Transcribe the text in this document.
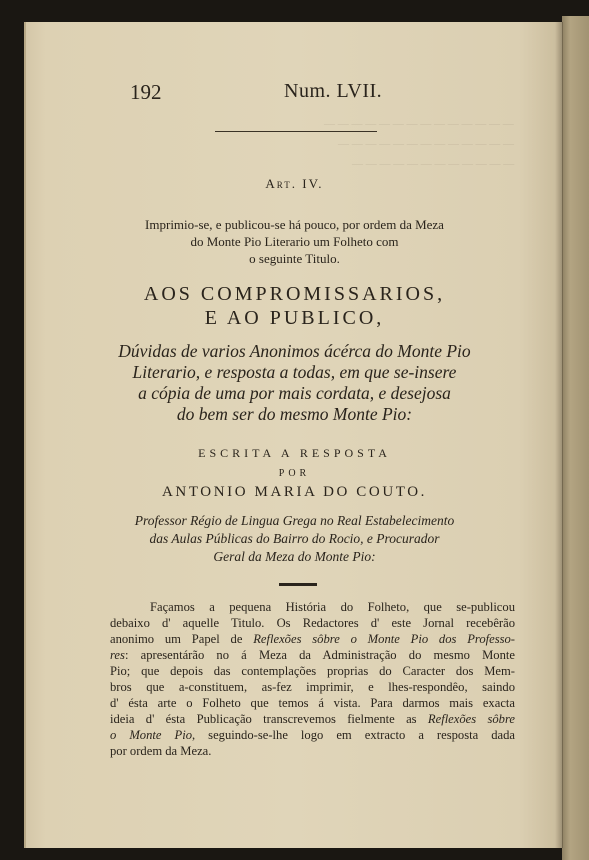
— — — — — — — — — — — — — —
— — — — — — — — — — — — —
— — — — — — — — — — — —
192	Num. LVII.
Art. IV.
Imprimio-se, e publicou-se há pouco, por ordem da Meza
do Monte Pio Literario um Folheto com
o seguinte Titulo.
AOS COMPROMISSARIOS,
E AO PUBLICO,
Dúvidas de varios Anonimos ácérca do Monte Pio
Literario, e resposta a todas, em que se-insere
a cópia de uma por mais cordata, e desejosa
do bem ser do mesmo Monte Pio:
ESCRITA A RESPOSTA
POR
ANTONIO MARIA DO COUTO.
Professor Régio de Lingua Grega no Real Estabelecimento
das Aulas Públicas do Bairro do Rocio, e Procurador
Geral da Meza do Monte Pio:
Façamos a pequena História do Folheto, que se-publicou
debaixo d' aquelle Titulo. Os Redactores d' este Jornal recebêrão
anonimo um Papel de Reflexões sôbre o Monte Pio dos Professo-
res: apresentárão no á Meza da Administração do mesmo Monte
Pio; que depois das contemplações proprias do Caracter dos Mem-
bros que a-constituem, as-fez imprimir, e lhes-respondêo, saindo
d' ésta arte o Folheto que temos á vista. Para darmos mais exacta
ideia d' ésta Publicação transcrevemos fielmente as Reflexões sôbre
o Monte Pio, seguindo-se-lhe logo em extracto a resposta dada
por ordem da Meza.
